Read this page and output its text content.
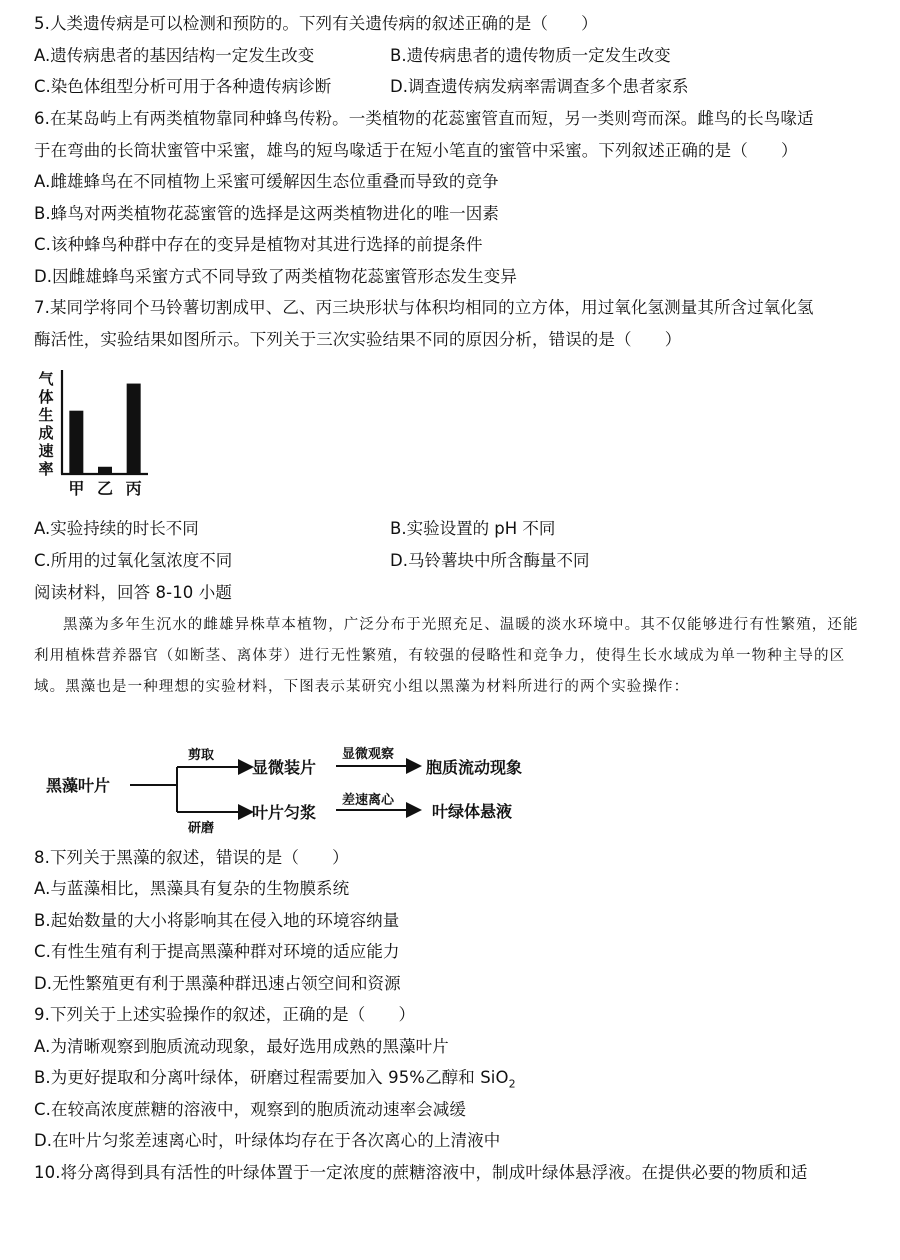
5.人类遗传病是可以检测和预防的。下列有关遗传病的叙述正确的是（　　）
A.遗传病患者的基因结构一定发生改变	B.遗传病患者的遗传物质一定发生改变
C.染色体组型分析可用于各种遗传病诊断	D.调查遗传病发病率需调查多个患者家系
6.在某岛屿上有两类植物靠同种蜂鸟传粉。一类植物的花蕊蜜管直而短，另一类则弯而深。雌鸟的长鸟喙适
于在弯曲的长筒状蜜管中采蜜，雄鸟的短鸟喙适于在短小笔直的蜜管中采蜜。下列叙述正确的是（　　）
A.雌雄蜂鸟在不同植物上采蜜可缓解因生态位重叠而导致的竞争
B.蜂鸟对两类植物花蕊蜜管的选择是这两类植物进化的唯一因素
C.该种蜂鸟种群中存在的变异是植物对其进行选择的前提条件
D.因雌雄蜂鸟采蜜方式不同导致了两类植物花蕊蜜管形态发生变异
7.某同学将同个马铃薯切割成甲、乙、丙三块形状与体积均相同的立方体，用过氧化氢测量其所含过氧化氢
酶活性，实验结果如图所示。下列关于三次实验结果不同的原因分析，错误的是（　　）
气
体
生
成
速
率
甲 乙 丙
A.实验持续的时长不同	B.实验设置的 pH 不同
C.所用的过氧化氢浓度不同	D.马铃薯块中所含酶量不同
阅读材料，回答 8-10 小题

黑藻为多年生沉水的雌雄异株草本植物，广泛分布于光照充足、温暖的淡水环境中。其不仅能够进行有性繁殖，还能利用植株营养器官（如断茎、离体芽）进行无性繁殖，有较强的侵略性和竞争力，使得生长水域成为单一物种主导的区域。黑藻也是一种理想的实验材料，下图表示某研究小组以黑藻为材料所进行的两个实验操作：

黑藻叶片
剪取
研磨
显微装片
叶片匀浆
显微观察
差速离心
胞质流动现象
叶绿体悬液
8.下列关于黑藻的叙述，错误的是（　　）
A.与蓝藻相比，黑藻具有复杂的生物膜系统
B.起始数量的大小将影响其在侵入地的环境容纳量
C.有性生殖有利于提高黑藻种群对环境的适应能力
D.无性繁殖更有利于黑藻种群迅速占领空间和资源
9.下列关于上述实验操作的叙述，正确的是（　　）
A.为清晰观察到胞质流动现象，最好选用成熟的黑藻叶片
B.为更好提取和分离叶绿体，研磨过程需要加入 95%乙醇和 SiO$_2$
C.在较高浓度蔗糖的溶液中，观察到的胞质流动速率会减缓
D.在叶片匀浆差速离心时，叶绿体均存在于各次离心的上清液中
10.将分离得到具有活性的叶绿体置于一定浓度的蔗糖溶液中，制成叶绿体悬浮液。在提供必要的物质和适
